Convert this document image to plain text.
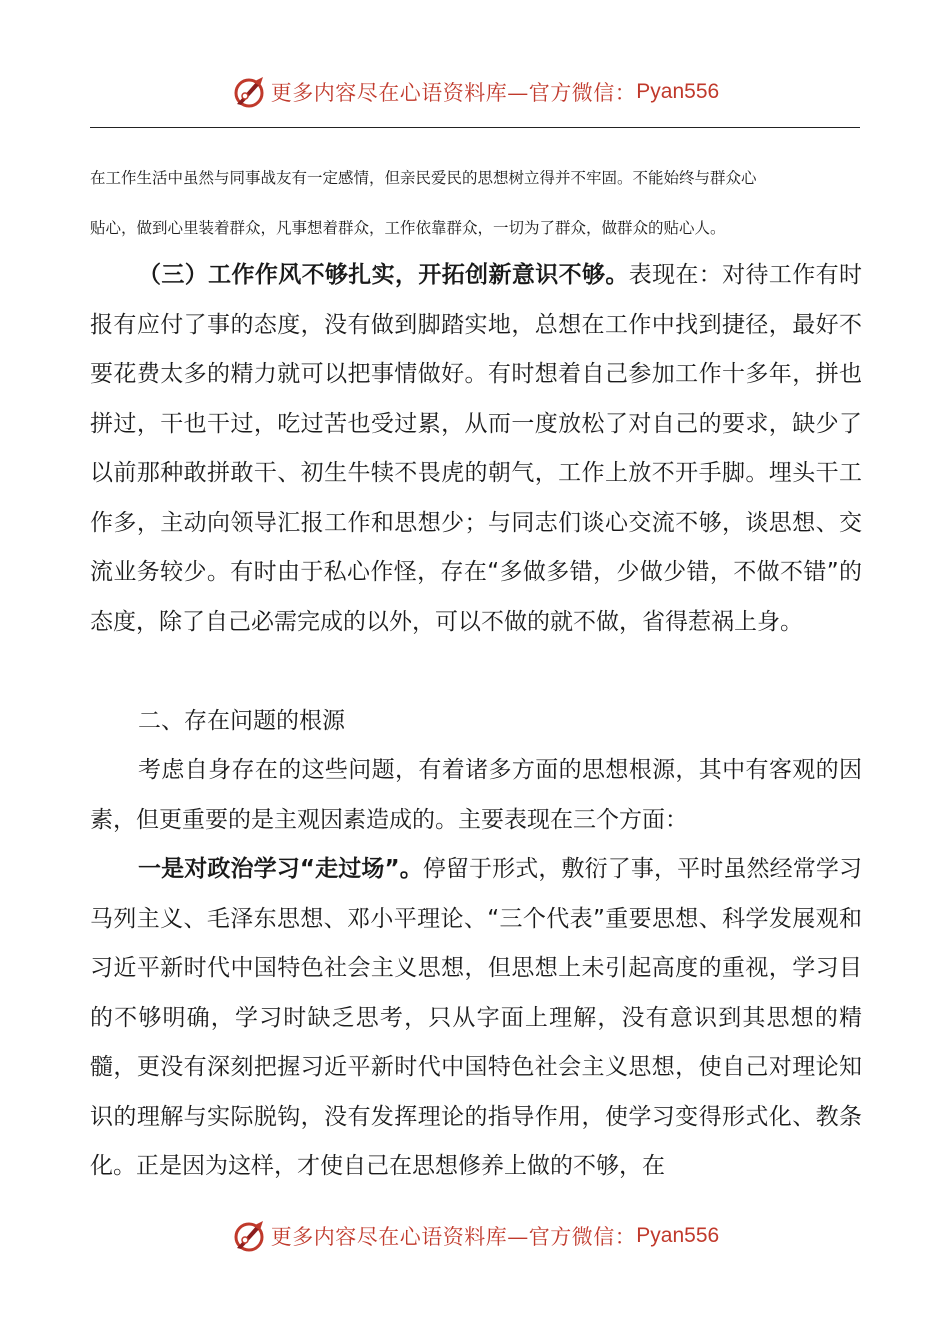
更多内容尽在心语资料库—官方微信： Pyan556
在工作生活中虽然与同事战友有一定感情，但亲民爱民的思想树立得并不牢固。不能始终与群众心
贴心，做到心里装着群众，凡事想着群众，工作依靠群众，一切为了群众，做群众的贴心人。

（三）工作作风不够扎实，开拓创新意识不够。表现在：对待工作有时报有应付了事的态度，没有做到脚踏实地，总想在工作中找到捷径，最好不要花费太多的精力就可以把事情做好。有时想着自己参加工作十多年，拼也拼过，干也干过，吃过苦也受过累，从而一度放松了对自己的要求，缺少了以前那种敢拼敢干、初生牛犊不畏虎的朝气，工作上放不开手脚。埋头干工作多，主动向领导汇报工作和思想少；与同志们谈心交流不够，谈思想、交流业务较少。有时由于私心作怪，存在“多做多错，少做少错，不做不错”的态度，除了自己必需完成的以外，可以不做的就不做，省得惹祸上身。

二、存在问题的根源

考虑自身存在的这些问题，有着诸多方面的思想根源，其中有客观的因素，但更重要的是主观因素造成的。主要表现在三个方面：

一是对政治学习“走过场”。停留于形式，敷衍了事，平时虽然经常学习马列主义、毛泽东思想、邓小平理论、“三个代表”重要思想、科学发展观和习近平新时代中国特色社会主义思想，但思想上未引起高度的重视，学习目的不够明确，学习时缺乏思考，只从字面上理解，没有意识到其思想的精髓，更没有深刻把握习近平新时代中国特色社会主义思想，使自己对理论知识的理解与实际脱钩，没有发挥理论的指导作用，使学习变得形式化、教条化。正是因为这样，才使自己在思想修养上做的不够，在

更多内容尽在心语资料库—官方微信： Pyan556
